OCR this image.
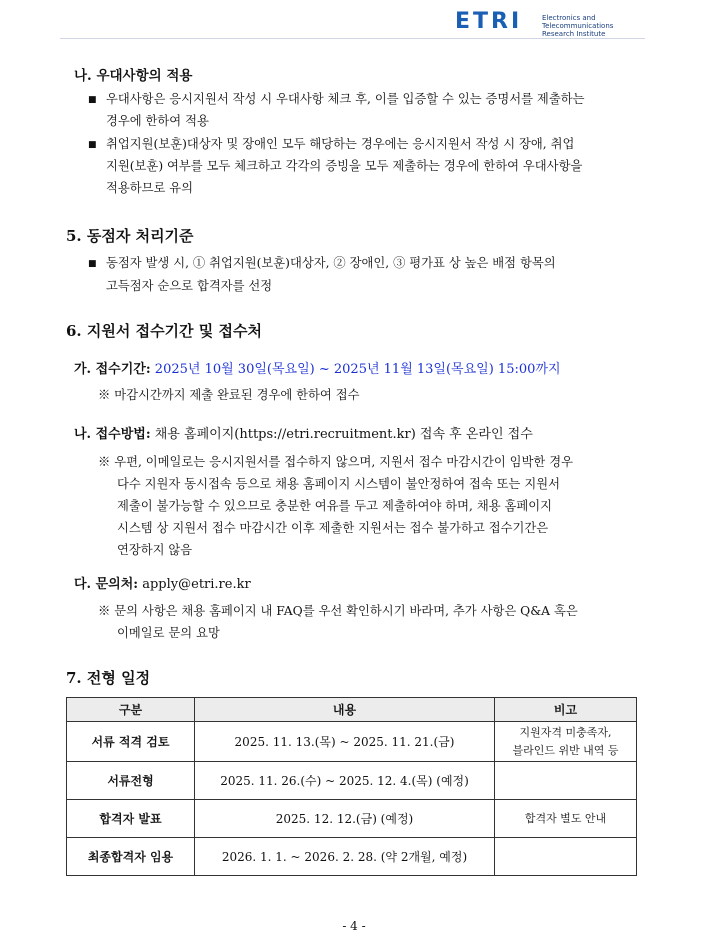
ETRI	Electronics and Telecommunications
Research Institute
나. 우대사항의 적용
■ 우대사항은 응시지원서 작성 시 우대사항 체크 후, 이를 입증할 수 있는 증명서를 제출하는
경우에 한하여 적용
■ 취업지원(보훈)대상자 및 장애인 모두 해당하는 경우에는 응시지원서 작성 시 장애, 취업
지원(보훈) 여부를 모두 체크하고 각각의 증빙을 모두 제출하는 경우에 한하여 우대사항을
적용하므로 유의
5. 동점자 처리기준
■ 동점자 발생 시, ① 취업지원(보훈)대상자, ② 장애인, ③ 평가표 상 높은 배점 항목의
고득점자 순으로 합격자를 선정
6. 지원서 접수기간 및 접수처
가. 접수기간: 2025년 10월 30일(목요일) ~ 2025년 11월 13일(목요일) 15:00까지
※ 마감시간까지 제출 완료된 경우에 한하여 접수
나. 접수방법: 채용 홈페이지(https://etri.recruitment.kr) 접속 후 온라인 접수
※ 우편, 이메일로는 응시지원서를 접수하지 않으며, 지원서 접수 마감시간이 임박한 경우
다수 지원자 동시접속 등으로 채용 홈페이지 시스템이 불안정하여 접속 또는 지원서
제출이 불가능할 수 있으므로 충분한 여유를 두고 제출하여야 하며, 채용 홈페이지
시스템 상 지원서 접수 마감시간 이후 제출한 지원서는 접수 불가하고 접수기간은
연장하지 않음
다. 문의처: apply@etri.re.kr
※ 문의 사항은 채용 홈페이지 내 FAQ를 우선 확인하시기 바라며, 추가 사항은 Q&A 혹은
이메일로 문의 요망
7. 전형 일정
구분	내용	비고
서류 적격 검토	2025. 11. 13.(목) ~ 2025. 11. 21.(금)	지원자격 미충족자,
블라인드 위반 내역 등

서류전형	2025. 11. 26.(수) ~ 2025. 12. 4.(목) (예정)	
합격자 발표	2025. 12. 12.(금) (예정)	합격자 별도 안내
최종합격자 임용	2026. 1. 1. ~ 2026. 2. 28. (약 2개월, 예정)	
- 4 -
